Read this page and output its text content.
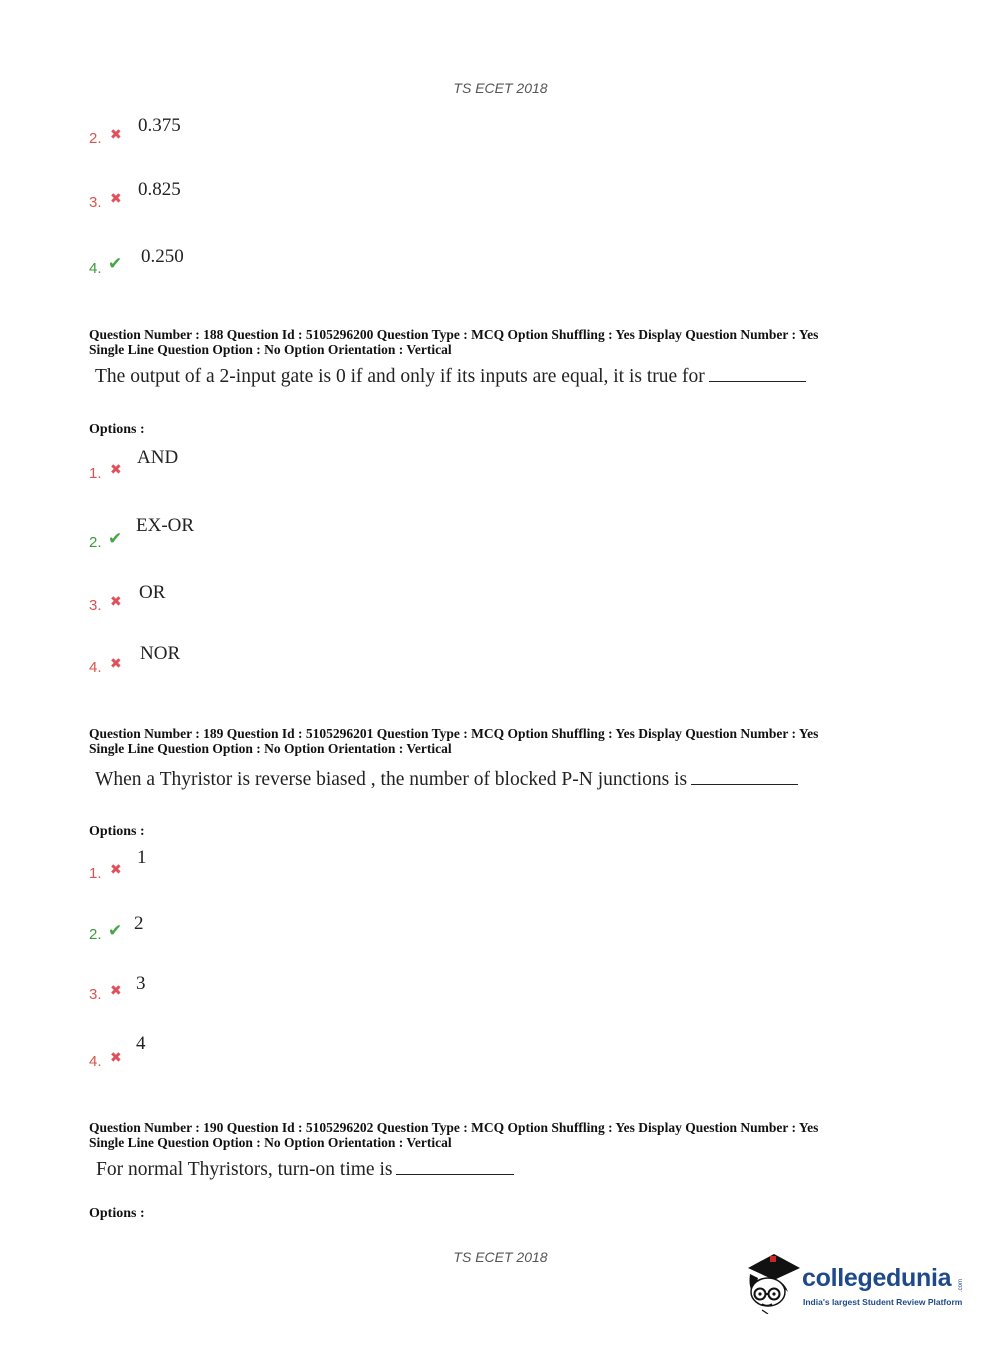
TS ECET 2018
2. ✖ 0.375
3. ✖ 0.825
4. ✔ 0.250
Question Number : 188 Question Id : 5105296200 Question Type : MCQ Option Shuffling : Yes Display Question Number : Yes
Single Line Question Option : No Option Orientation : Vertical
The output of a 2-input gate is 0 if and only if its inputs are equal, it is true for
Options :
1. ✖
AND
2. ✔
EX-OR
3. ✖ OR
4. ✖ NOR
Question Number : 189 Question Id : 5105296201 Question Type : MCQ Option Shuffling : Yes Display Question Number : Yes
Single Line Question Option : No Option Orientation : Vertical
When a Thyristor is reverse biased , the number of blocked P-N junctions is
Options :
1. ✖
1
2. ✔ 2
3. ✖ 3
4. ✖
4
Question Number : 190 Question Id : 5105296202 Question Type : MCQ Option Shuffling : Yes Display Question Number : Yes
Single Line Question Option : No Option Orientation : Vertical
For normal Thyristors, turn-on time is
Options :
TS ECET 2018
collegedunia .com
India's largest Student Review Platform
